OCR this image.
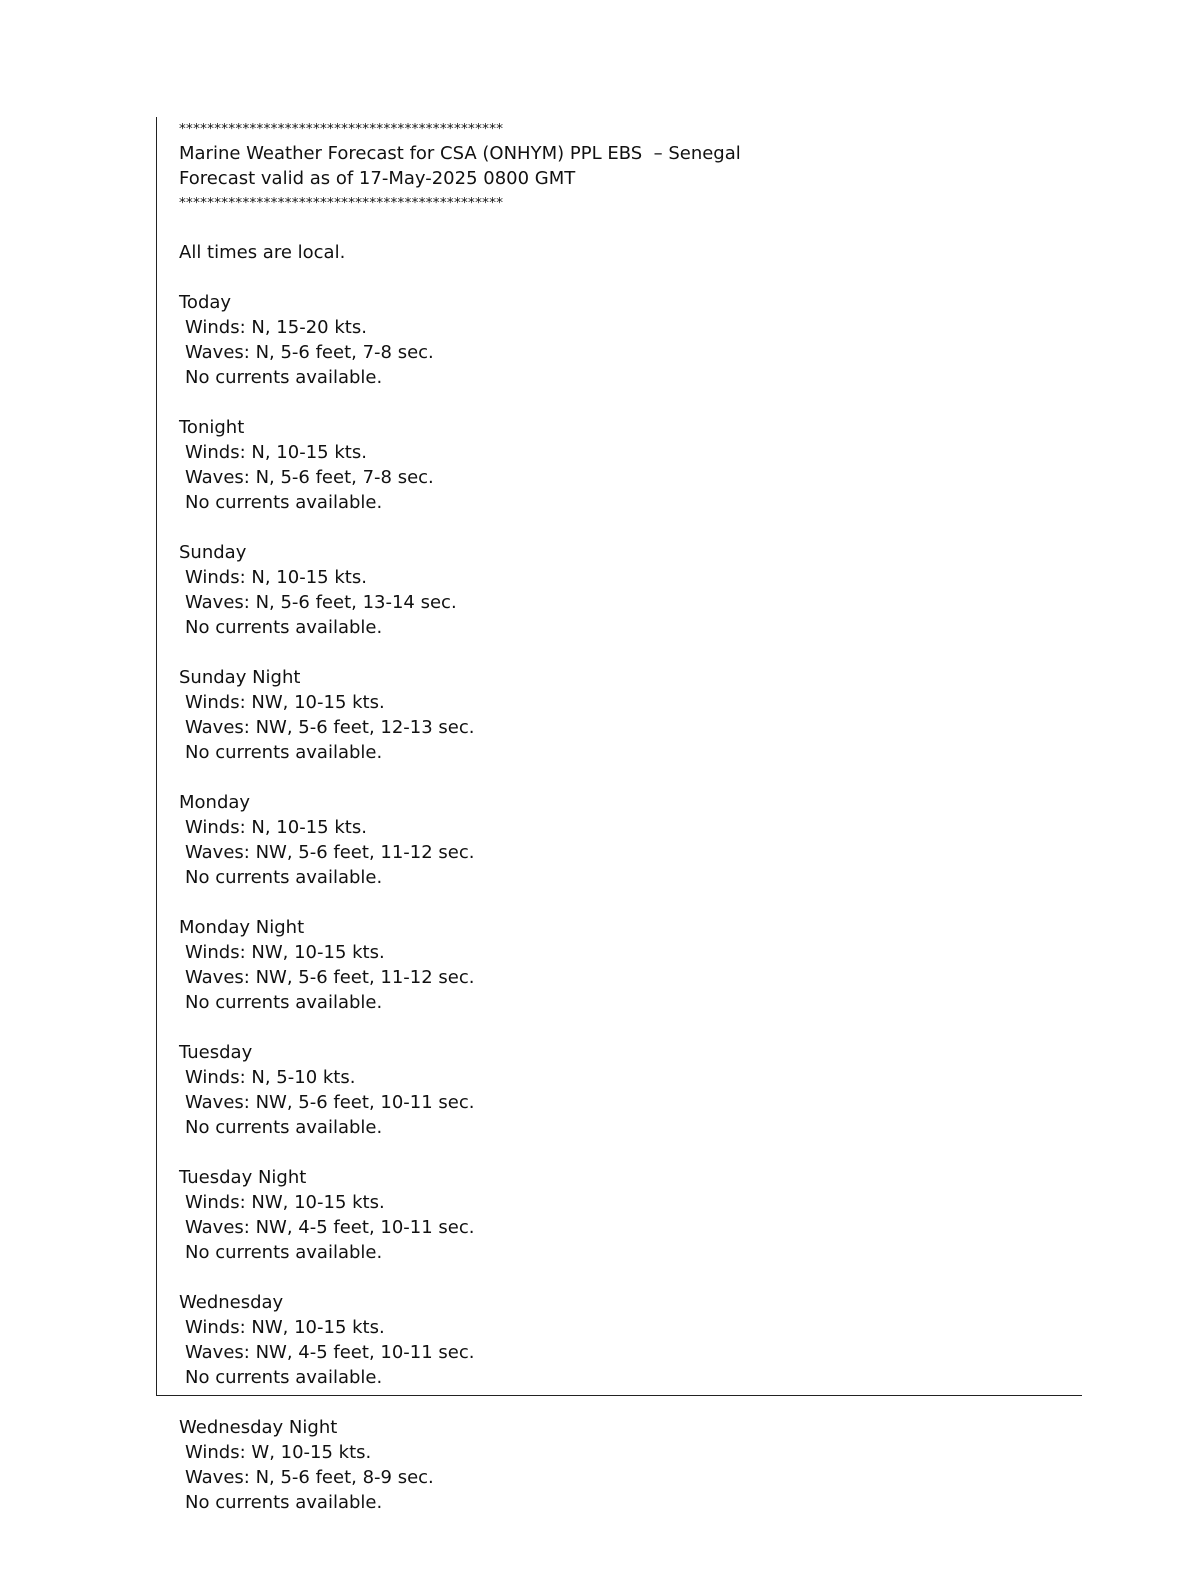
**********************************************
Marine Weather Forecast for CSA (ONHYM) PPL EBS  – Senegal
Forecast valid as of 17-May-2025 0800 GMT
**********************************************
All times are local.
Today
Winds: N, 15-20 kts.
Waves: N, 5-6 feet, 7-8 sec.
No currents available.
Tonight
Winds: N, 10-15 kts.
Waves: N, 5-6 feet, 7-8 sec.
No currents available.
Sunday
Winds: N, 10-15 kts.
Waves: N, 5-6 feet, 13-14 sec.
No currents available.
Sunday Night
Winds: NW, 10-15 kts.
Waves: NW, 5-6 feet, 12-13 sec.
No currents available.
Monday
Winds: N, 10-15 kts.
Waves: NW, 5-6 feet, 11-12 sec.
No currents available.
Monday Night
Winds: NW, 10-15 kts.
Waves: NW, 5-6 feet, 11-12 sec.
No currents available.
Tuesday
Winds: N, 5-10 kts.
Waves: NW, 5-6 feet, 10-11 sec.
No currents available.
Tuesday Night
Winds: NW, 10-15 kts.
Waves: NW, 4-5 feet, 10-11 sec.
No currents available.
Wednesday
Winds: NW, 10-15 kts.
Waves: NW, 4-5 feet, 10-11 sec.
No currents available.
Wednesday Night
Winds: W, 10-15 kts.
Waves: N, 5-6 feet, 8-9 sec.
No currents available.
